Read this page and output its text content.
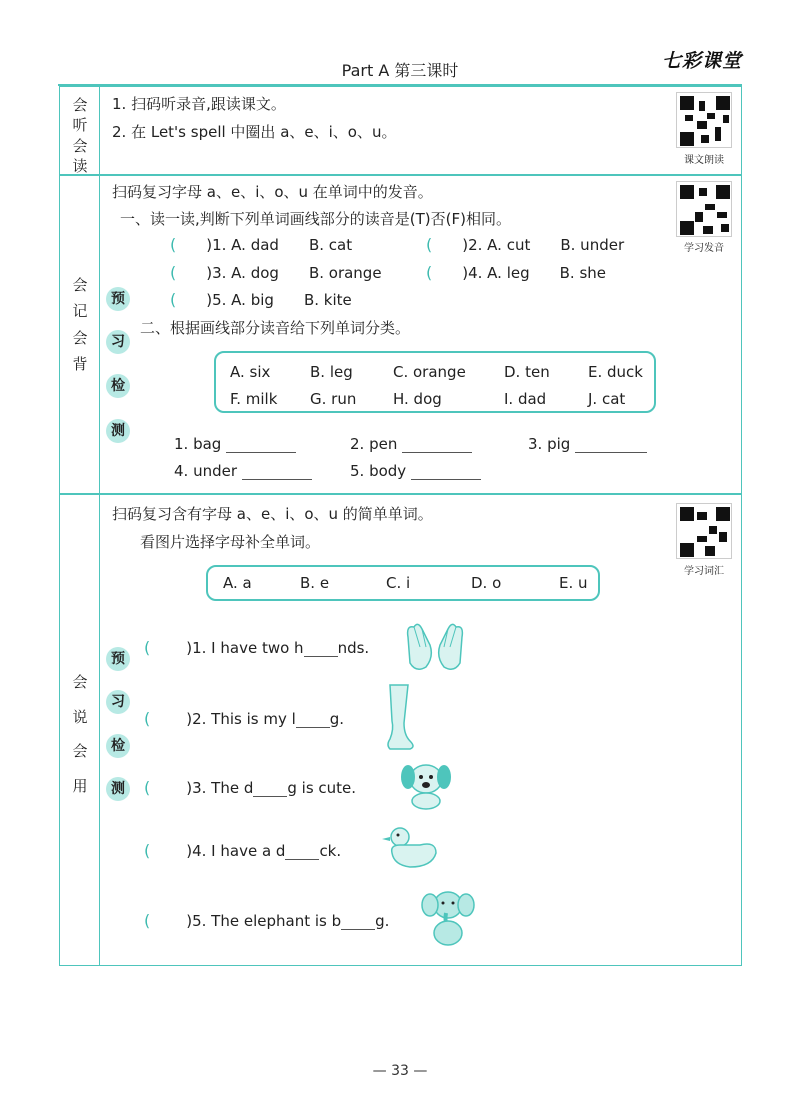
Part A 第三课时	七彩课堂
会
听
会
读
1. 扫码听录音,跟读课文。
2. 在 Let's spell 中圈出 a、e、i、o、u。
课文朗读
会
记
会
背
预
习
检
测
扫码复习字母 a、e、i、o、u 在单词中的发音。
一、读一读,判断下列单词画线部分的读音是(T)否(F)相同。
学习发音
( )1. A. dad B. cat	( )2. A. cut B. under
( )3. A. dog B. orange	( )4. A. leg B. she
( )5. A. big B. kite
二、根据画线部分读音给下列单词分类。
A. six	B. leg	C. orange	D. ten	E. duck
F. milk G. run H. dog	I. dad	J. cat
1. bag	2. pen	3. pig
4. under	5. body
会
说
会
用
预
习
检
测
扫码复习含有字母 a、e、i、o、u 的简单单词。
看图片选择字母补全单词。
学习词汇
A. a	B. e	C. i	D. o	E. u
( )1. I have two h nds.
( )2. This is my l g.
( )3. The d g is cute.
( )4. I have a d ck.
( )5. The elephant is b g.
— 33 —
